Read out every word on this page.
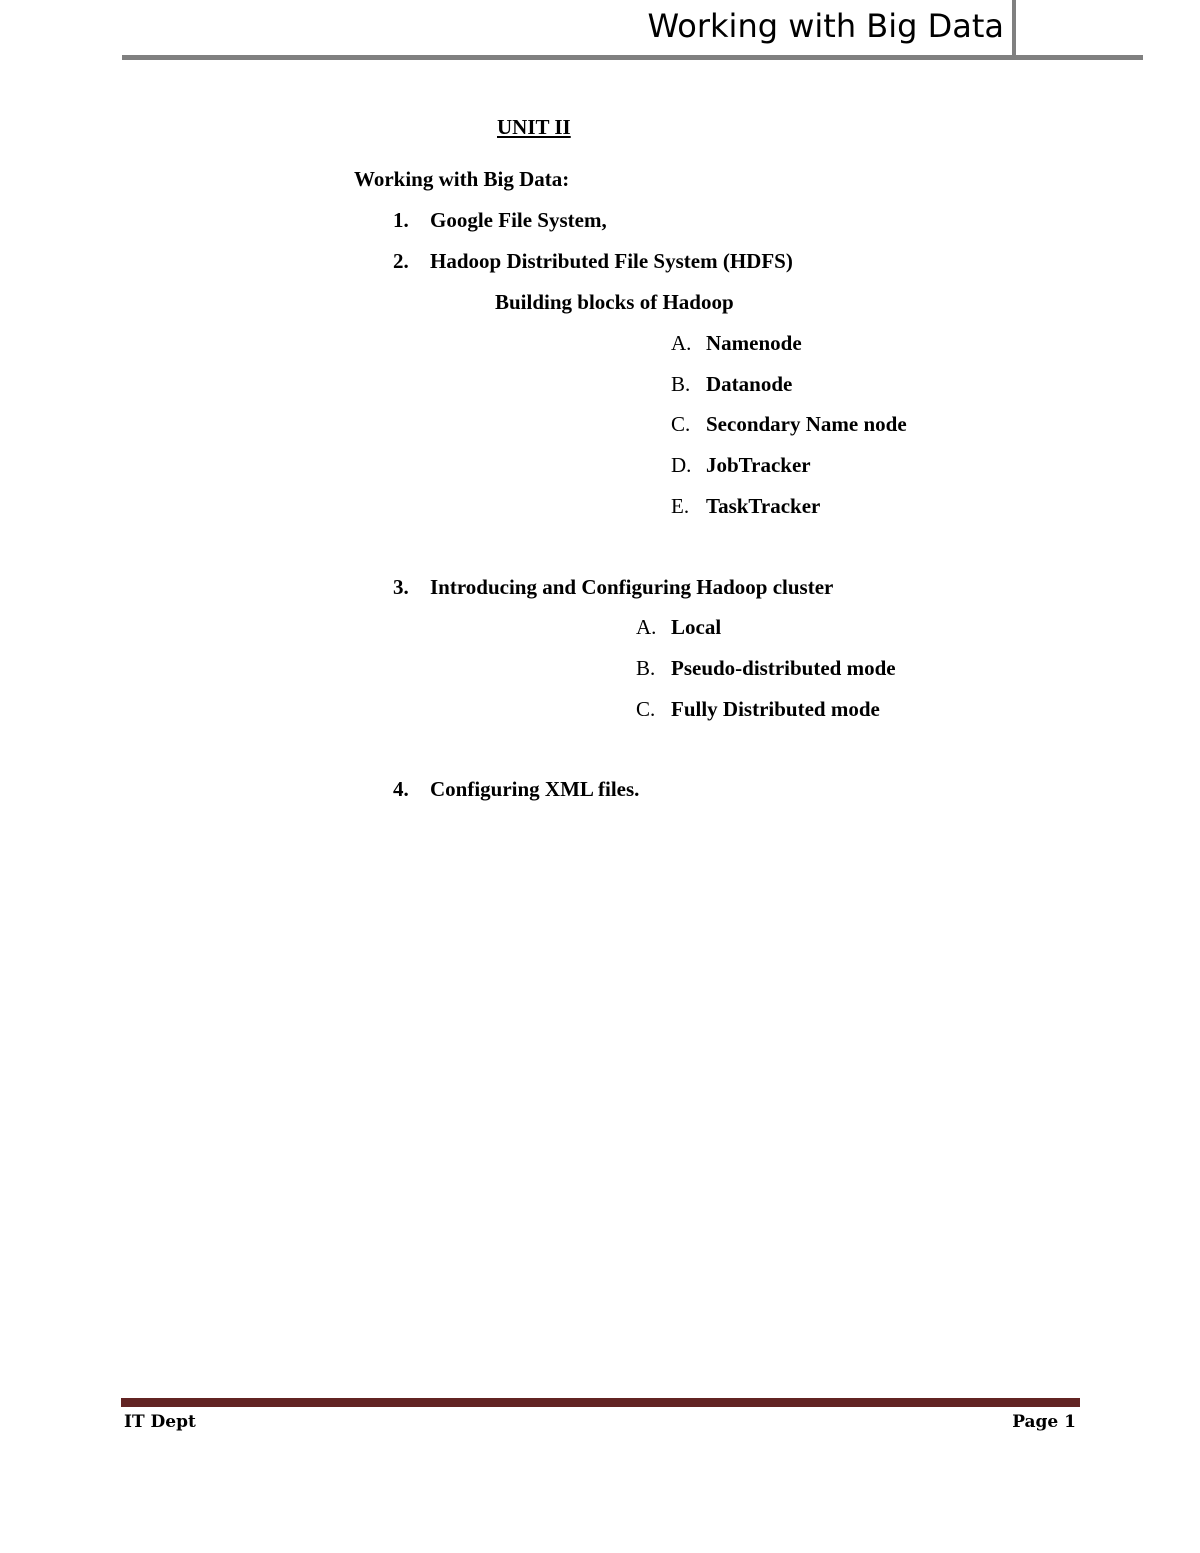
Working with Big Data
UNIT II
Working with Big Data:
1. Google File System,
2. Hadoop Distributed File System (HDFS)
Building blocks of Hadoop
A. Namenode
B. Datanode
C. Secondary Name node
D. JobTracker
E. TaskTracker
3. Introducing and Configuring Hadoop cluster
A. Local
B. Pseudo-distributed mode
C. Fully Distributed mode
4. Configuring XML files.
IT Dept	Page 1
